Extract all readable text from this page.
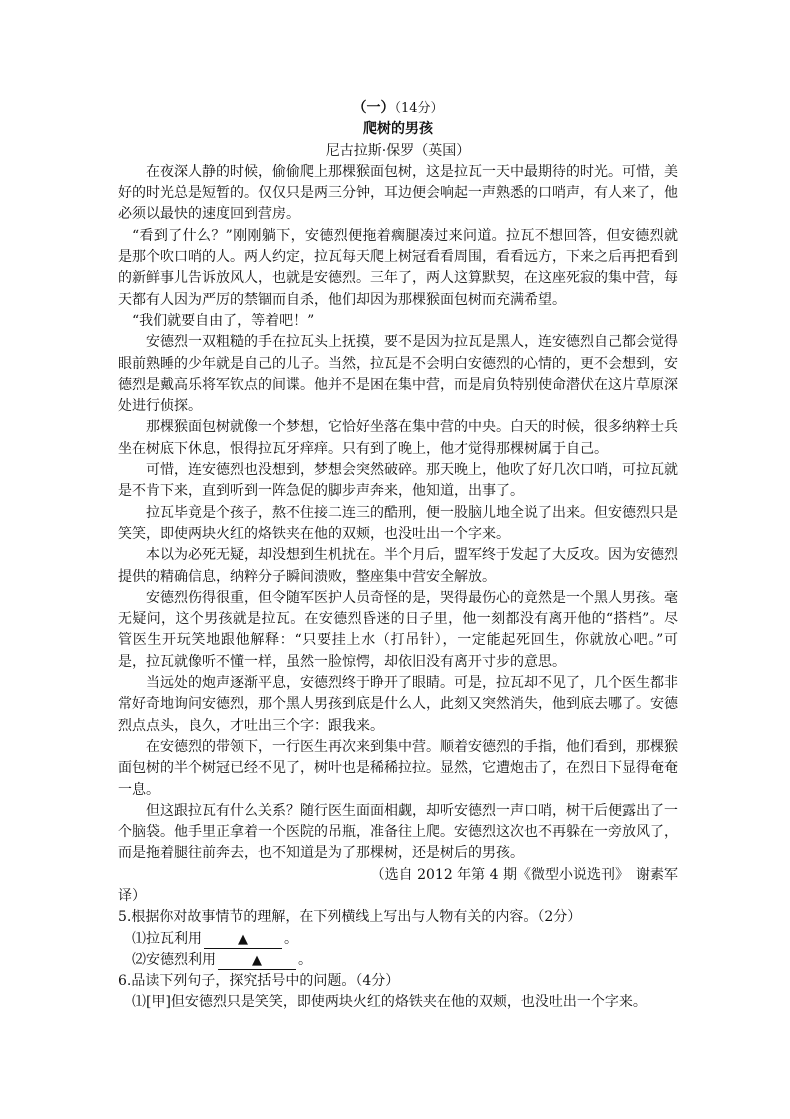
（一）（14分）
爬树的男孩
尼古拉斯·保罗（英国）

在夜深人静的时候，偷偷爬上那棵猴面包树，这是拉瓦一天中最期待的时光。可惜，美好的时光总是短暂的。仅仅只是两三分钟，耳边便会响起一声熟悉的口哨声，有人来了，他必须以最快的速度回到营房。

“看到了什么？”刚刚躺下，安德烈便拖着瘸腿凑过来问道。拉瓦不想回答，但安德烈就是那个吹口哨的人。两人约定，拉瓦每天爬上树冠看看周围，看看远方，下来之后再把看到的新鲜事儿告诉放风人，也就是安德烈。三年了，两人这算默契，在这座死寂的集中营，每天都有人因为严厉的禁锢而自杀，他们却因为那棵猴面包树而充满希望。

“我们就要自由了，等着吧！”

安德烈一双粗糙的手在拉瓦头上抚摸，要不是因为拉瓦是黑人，连安德烈自己都会觉得眼前熟睡的少年就是自己的儿子。当然，拉瓦是不会明白安德烈的心情的，更不会想到，安德烈是戴高乐将军钦点的间谍。他并不是困在集中营，而是肩负特别使命潜伏在这片草原深处进行侦探。

那棵猴面包树就像一个梦想，它恰好坐落在集中营的中央。白天的时候，很多纳粹士兵坐在树底下休息，恨得拉瓦牙痒痒。只有到了晚上，他才觉得那棵树属于自己。

可惜，连安德烈也没想到，梦想会突然破碎。那天晚上，他吹了好几次口哨，可拉瓦就是不肯下来，直到听到一阵急促的脚步声奔来，他知道，出事了。

拉瓦毕竟是个孩子，熬不住接二连三的酷刑，便一股脑儿地全说了出来。但安德烈只是笑笑，即使两块火红的烙铁夹在他的双颊，也没吐出一个字来。

本以为必死无疑，却没想到生机扰在。半个月后，盟军终于发起了大反攻。因为安德烈提供的精确信息，纳粹分子瞬间溃败，整座集中营安全解放。

安德烈伤得很重，但令随军医护人员奇怪的是，哭得最伤心的竟然是一个黑人男孩。毫无疑问，这个男孩就是拉瓦。在安德烈昏迷的日子里，他一刻都没有离开他的“搭档”。尽管医生开玩笑地跟他解释：“只要挂上水（打吊针），一定能起死回生，你就放心吧。”可是，拉瓦就像听不懂一样，虽然一脸惊愕，却依旧没有离开寸步的意思。

当远处的炮声逐渐平息，安德烈终于睁开了眼睛。可是，拉瓦却不见了，几个医生都非常好奇地询问安德烈，那个黑人男孩到底是什么人，此刻又突然消失，他到底去哪了。安德烈点点头，良久，才吐出三个字：跟我来。

在安德烈的带领下，一行医生再次来到集中营。顺着安德烈的手指，他们看到，那棵猴面包树的半个树冠已经不见了，树叶也是稀稀拉拉。显然，它遭炮击了，在烈日下显得奄奄一息。

但这跟拉瓦有什么关系？随行医生面面相觑，却听安德烈一声口哨，树干后便露出了一个脑袋。他手里正拿着一个医院的吊瓶，准备往上爬。安德烈这次也不再躲在一旁放风了，而是拖着腿往前奔去，也不知道是为了那棵树，还是树后的男孩。

（选自 2012 年第 4 期《微型小说选刊》　谢素军

译）

5.根据你对故事情节的理解，在下列横线上写出与人物有关的内容。（2分）

⑴拉瓦利用	▲	。

⑵安德烈利用	▲	。

6.品读下列句子，探究括号中的问题。（4分）

⑴[甲]但安德烈只是笑笑，即使两块火红的烙铁夹在他的双颊，也没吐出一个字来。
